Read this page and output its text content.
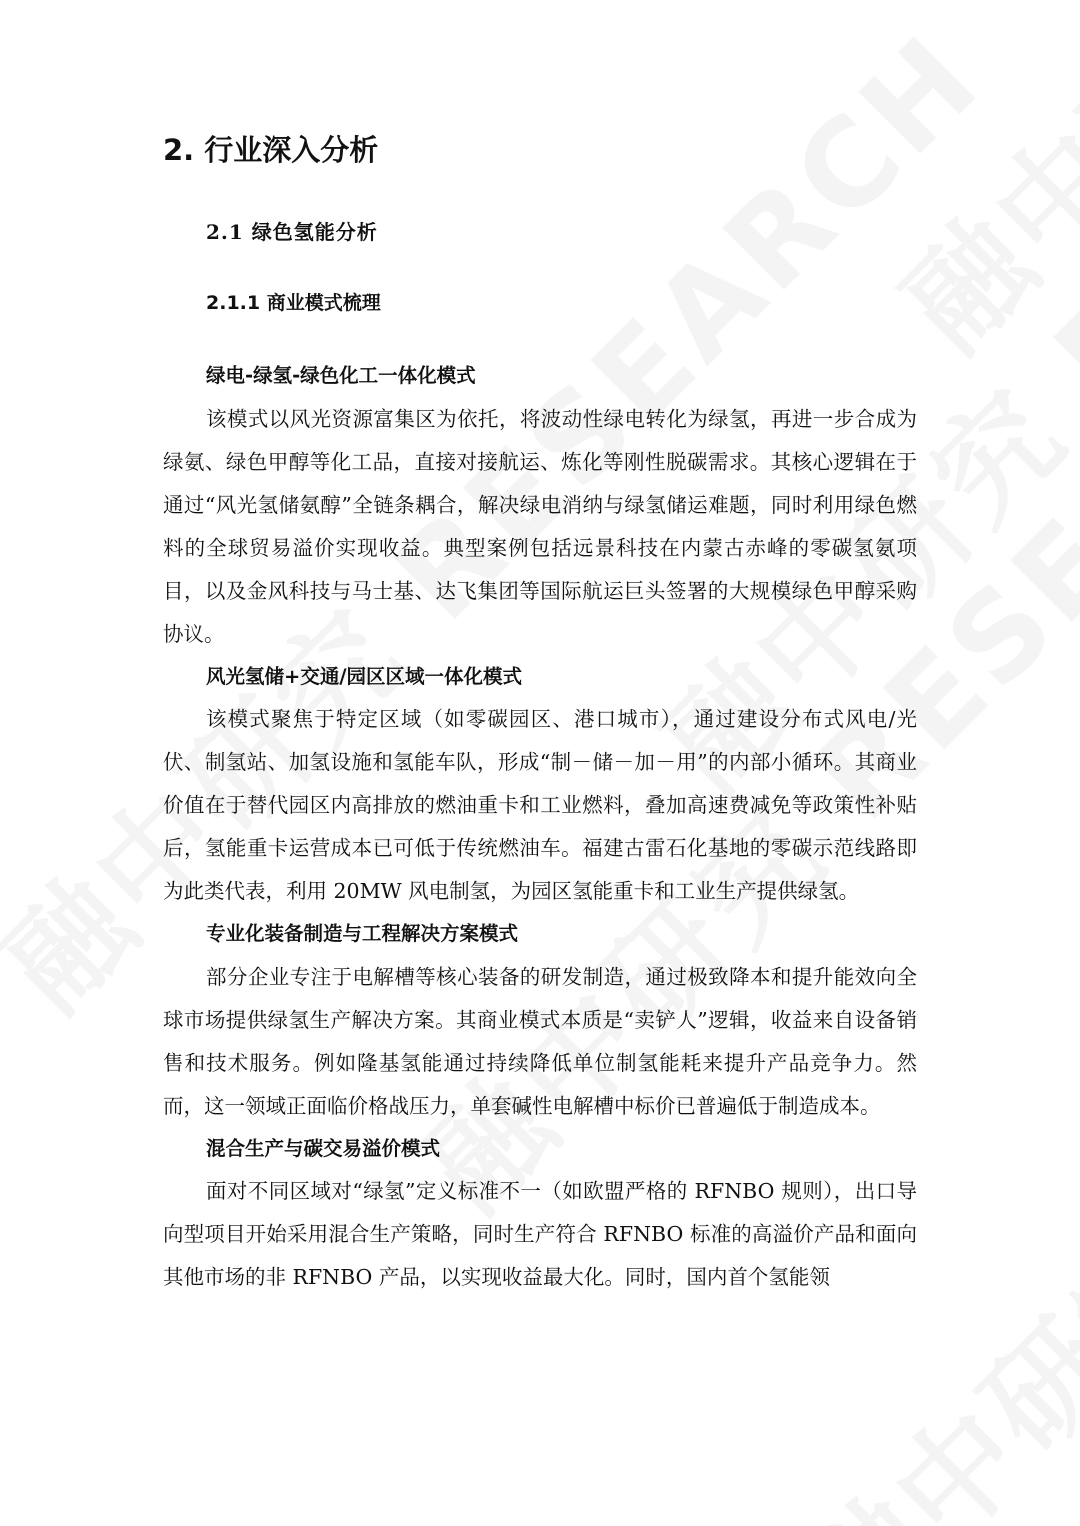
2. 行业深入分析
2.1 绿色氢能分析
2.1.1 商业模式梳理

绿电-绿氢-绿色化工一体化模式

该模式以风光资源富集区为依托，将波动性绿电转化为绿氢，再进一步合成为绿氨、绿色甲醇等化工品，直接对接航运、炼化等刚性脱碳需求。其核心逻辑在于通过“风光氢储氨醇”全链条耦合，解决绿电消纳与绿氢储运难题，同时利用绿色燃料的全球贸易溢价实现收益。典型案例包括远景科技在内蒙古赤峰的零碳氢氨项目，以及金风科技与马士基、达飞集团等国际航运巨头签署的大规模绿色甲醇采购协议。

风光氢储+交通/园区区域一体化模式

该模式聚焦于特定区域（如零碳园区、港口城市），通过建设分布式风电/光伏、制氢站、加氢设施和氢能车队，形成“制－储－加－用”的内部小循环。其商业价值在于替代园区内高排放的燃油重卡和工业燃料，叠加高速费减免等政策性补贴后，氢能重卡运营成本已可低于传统燃油车。福建古雷石化基地的零碳示范线路即为此类代表，利用 20MW 风电制氢，为园区氢能重卡和工业生产提供绿氢。

专业化装备制造与工程解决方案模式

部分企业专注于电解槽等核心装备的研发制造，通过极致降本和提升能效向全球市场提供绿氢生产解决方案。其商业模式本质是“卖铲人”逻辑，收益来自设备销售和技术服务。例如隆基氢能通过持续降低单位制氢能耗来提升产品竞争力。然而，这一领域正面临价格战压力，单套碱性电解槽中标价已普遍低于制造成本。

混合生产与碳交易溢价模式

面对不同区域对“绿氢”定义标准不一（如欧盟严格的 RFNBO 规则），出口导向型项目开始采用混合生产策略，同时生产符合 RFNBO 标准的高溢价产品和面向其他市场的非 RFNBO 产品，以实现收益最大化。同时，国内首个氢能领
